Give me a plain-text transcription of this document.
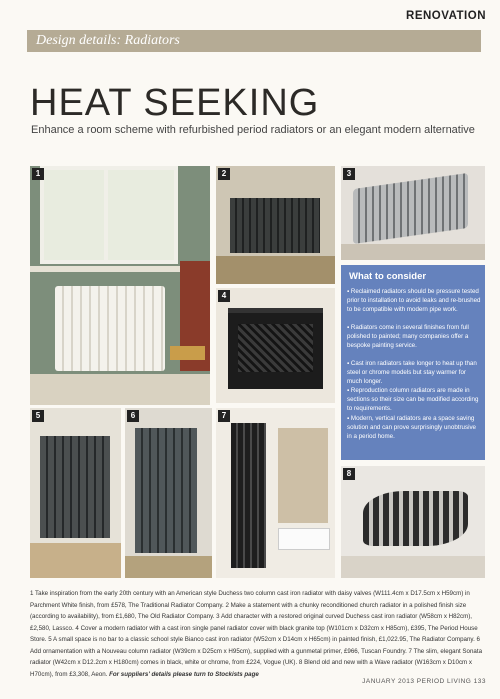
RENOVATION
Design details: Radiators
HEAT SEEKING
Enhance a room scheme with refurbished period radiators or an elegant modern alternative
1	2	3
4
5	6	7
8
What to consider

▪ Reclaimed radiators should be pressure tested prior to installation to avoid leaks and re-brushed to be compatible with modern pipe work.

▪ Radiators come in several finishes from full polished to painted; many companies offer a bespoke painting service.

▪ Cast iron radiators take longer to heat up than steel or chrome models but stay warmer for much longer.

▪ Reproduction column radiators are made in sections so their size can be modified according to requirements.

▪ Modern, vertical radiators are a space saving solution and can prove surprisingly unobtrusive in a period home.

1 Take inspiration from the early 20th century with an American style Duchess two column cast iron radiator with daisy valves (W111.4cm x D17.5cm x H59cm) in Parchment White finish, from £578, The Traditional Radiator Company. 2 Make a statement with a chunky reconditioned church radiator in a polished finish size (according to availability), from £1,680, The Old Radiator Company. 3 Add character with a restored original curved Duchess cast iron radiator (W58cm x H82cm), £2,580, Lassco. 4 Cover a modern radiator with a cast iron single panel radiator cover with black granite top (W101cm x D32cm x H85cm), £395, The Period House Store. 5 A small space is no bar to a classic school style Bianco cast iron radiator (W52cm x D14cm x H65cm) in painted finish, £1,022.95, The Radiator Company. 6 Add ornamentation with a Nouveau column radiator (W39cm x D25cm x H95cm), supplied with a gunmetal primer, £966, Tuscan Foundry. 7 The slim, elegant Sonata radiator (W42cm x D12.2cm x H180cm) comes in black, white or chrome, from £224, Vogue (UK). 8 Blend old and new with a Wave radiator (W163cm x D10cm x H70cm), from £3,308, Aeon. For suppliers' details please turn to Stockists page
JANUARY 2013 PERIOD LIVING 133
